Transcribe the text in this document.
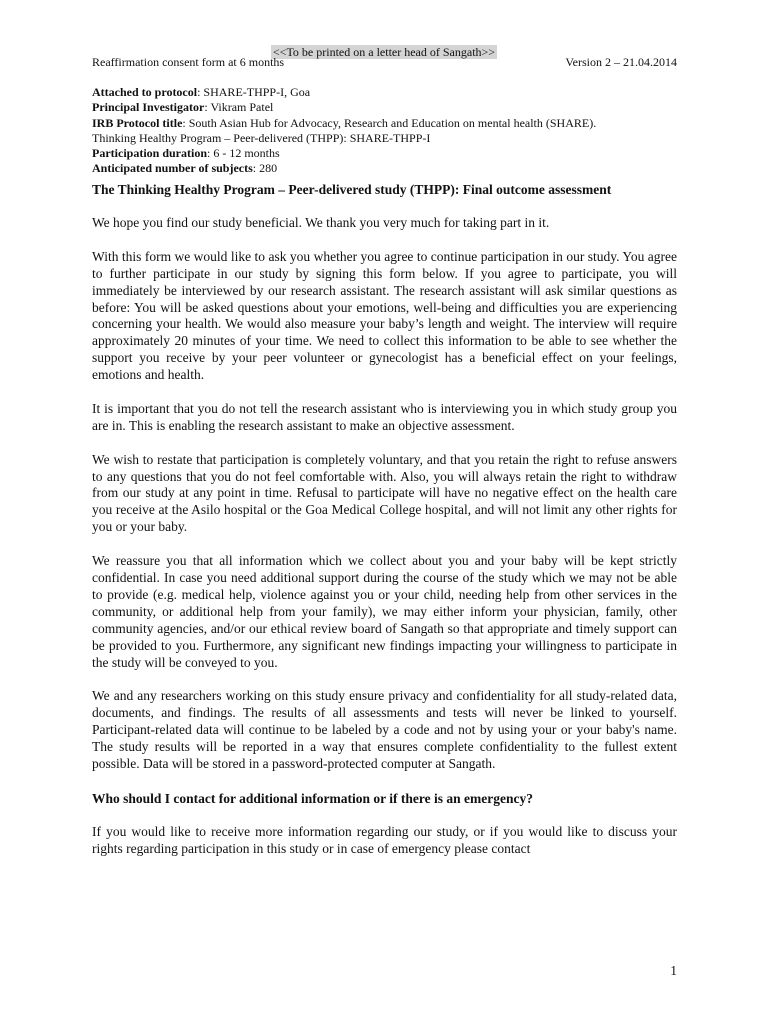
<<To be printed on a letter head of Sangath>>
Reaffirmation consent form at 6 months	Version 2 – 21.04.2014
Attached to protocol: SHARE-THPP-I, Goa
Principal Investigator: Vikram Patel
IRB Protocol title: South Asian Hub for Advocacy, Research and Education on mental health (SHARE).
Thinking Healthy Program – Peer-delivered (THPP): SHARE-THPP-I
Participation duration: 6 - 12 months
Anticipated number of subjects: 280
The Thinking Healthy Program – Peer-delivered study (THPP): Final outcome assessment

We hope you find our study beneficial. We thank you very much for taking part in it.

With this form we would like to ask you whether you agree to continue participation in our study. You agree to further participate in our study by signing this form below. If you agree to participate, you will immediately be interviewed by our research assistant. The research assistant will ask similar questions as before: You will be asked questions about your emotions, well-being and difficulties you are experiencing concerning your health. We would also measure your baby’s length and weight. The interview will require approximately 20 minutes of your time. We need to collect this information to be able to see whether the support you receive by your peer volunteer or gynecologist has a beneficial effect on your feelings, emotions and health.

It is important that you do not tell the research assistant who is interviewing you in which study group you are in. This is enabling the research assistant to make an objective assessment.

We wish to restate that participation is completely voluntary, and that you retain the right to refuse answers to any questions that you do not feel comfortable with. Also, you will always retain the right to withdraw from our study at any point in time. Refusal to participate will have no negative effect on the health care you receive at the Asilo hospital or the Goa Medical College hospital, and will not limit any other rights for you or your baby.

We reassure you that all information which we collect about you and your baby will be kept strictly confidential. In case you need additional support during the course of the study which we may not be able to provide (e.g. medical help, violence against you or your child, needing help from other services in the community, or additional help from your family), we may either inform your physician, family, other community agencies, and/or our ethical review board of Sangath so that appropriate and timely support can be provided to you. Furthermore, any significant new findings impacting your willingness to participate in the study will be conveyed to you.

We and any researchers working on this study ensure privacy and confidentiality for all study-related data, documents, and findings. The results of all assessments and tests will never be linked to yourself. Participant-related data will continue to be labeled by a code and not by using your or your baby's name. The study results will be reported in a way that ensures complete confidentiality to the fullest extent possible. Data will be stored in a password-protected computer at Sangath.

Who should I contact for additional information or if there is an emergency?

If you would like to receive more information regarding our study, or if you would like to discuss your rights regarding participation in this study or in case of emergency please contact

1
